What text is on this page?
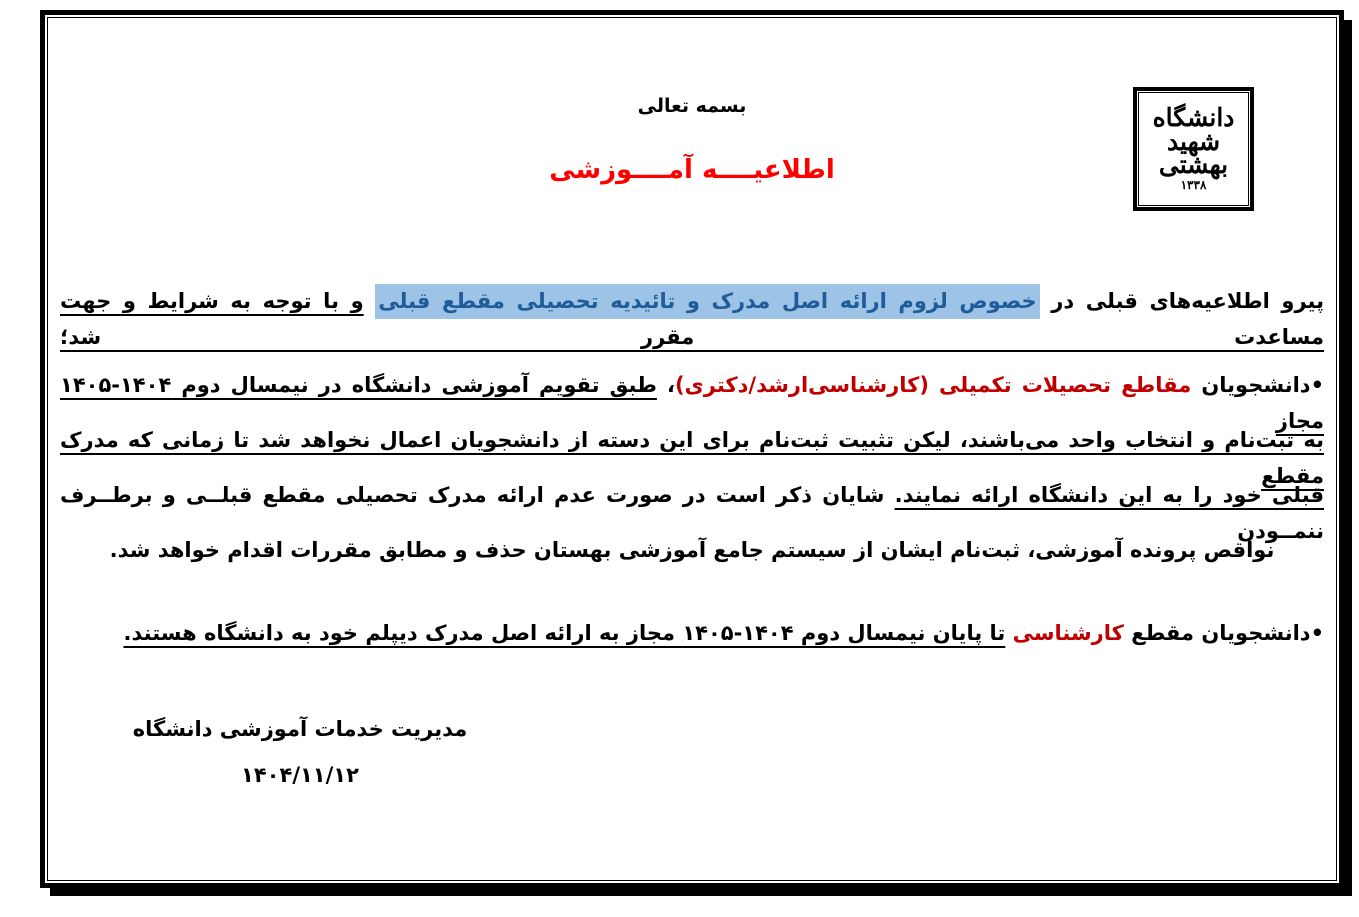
بسمه تعالی
اطلاعیــــه آمــــوزشی
دانشگاه
شهید
بهشتی
۱۳۳۸
پیرو اطلاعیه‌های قبلی در خصوص لزوم ارائه اصل مدرک و تائیدیه تحصیلی مقطع قبلی و با توجه به شرایط و جهت مساعدت مقرر شد؛
•دانشجویان مقاطع تحصیلات تکمیلی (کارشناسی‌ارشد/دکتری)، طبق تقویم آموزشی دانشگاه در نیمسال دوم ۱۴۰۵-۱۴۰۴ مجاز
به ثبت‌نام و انتخاب واحد می‌باشند، لیکن تثبیت ثبت‌نام برای این دسته از دانشجویان اعمال نخواهد شد تا زمانی که مدرک مقطع
قبلی خود را به این دانشگاه ارائه نمایند. شایان ذکر است در صورت عدم ارائه مدرک تحصیلی مقطع قبلــی و برطــرف ننمــودن
نواقص پرونده آموزشی، ثبت‌نام ایشان از سیستم جامع آموزشی بهستان حذف و مطابق مقررات اقدام خواهد شد.
•دانشجویان مقطع کارشناسی تا پایان نیمسال دوم ۱۴۰۵-۱۴۰۴ مجاز به ارائه اصل مدرک دیپلم خود به دانشگاه هستند.
مدیریت خدمات آموزشی دانشگاه
۱۴۰۴/۱۱/۱۲
